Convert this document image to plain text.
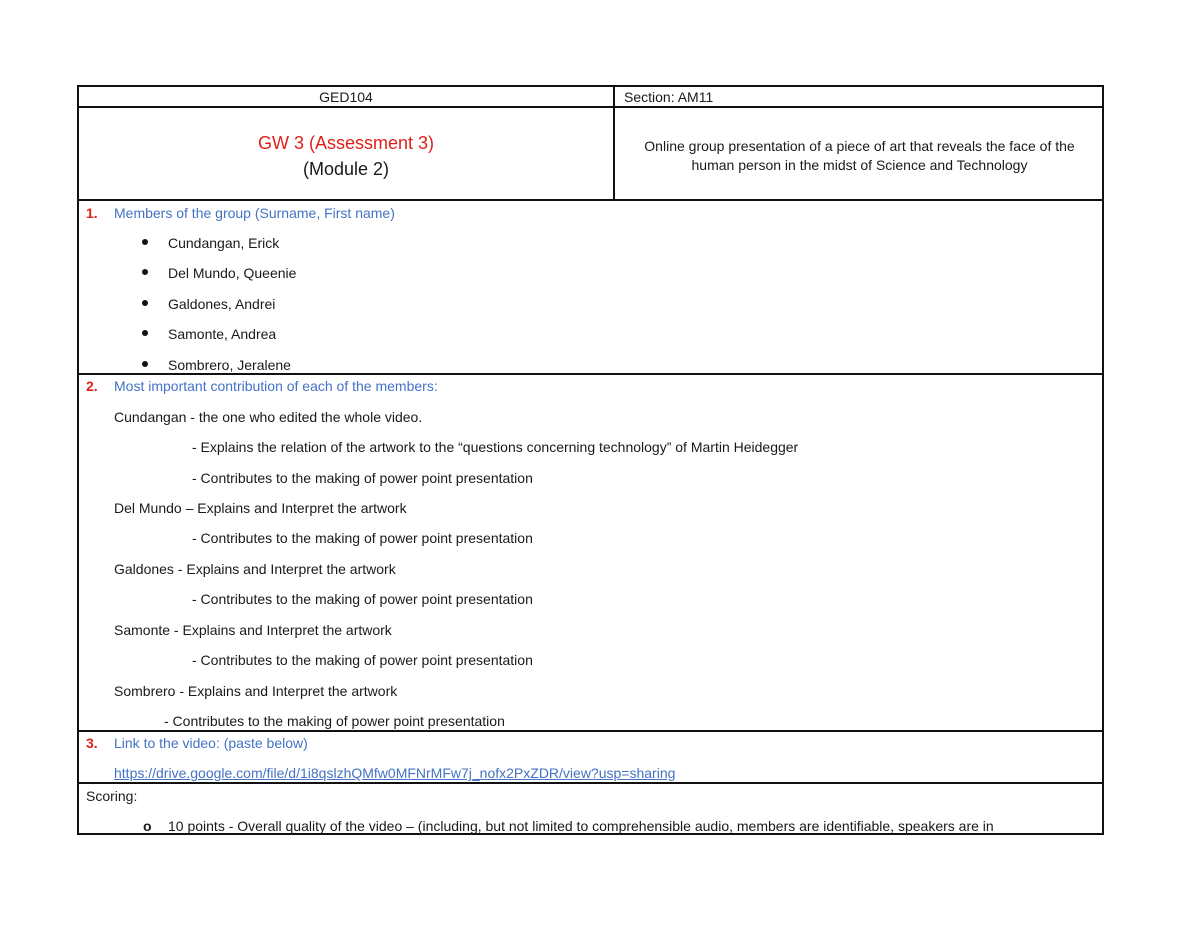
GED104	Section: AM11
GW 3 (Assessment 3)
(Module 2)
Online group presentation of a piece of art that reveals the face of the
human person in the midst of Science and Technology
1. Members of the group (Surname, First name)
Cundangan, Erick
Del Mundo, Queenie
Galdones, Andrei
Samonte, Andrea
Sombrero, Jeralene
2. Most important contribution of each of the members:
Cundangan - the one who edited the whole video.
- Explains the relation of the artwork to the “questions concerning technology” of Martin Heidegger
- Contributes to the making of power point presentation
Del Mundo – Explains and Interpret the artwork
- Contributes to the making of power point presentation
Galdones - Explains and Interpret the artwork
- Contributes to the making of power point presentation
Samonte - Explains and Interpret the artwork
- Contributes to the making of power point presentation
Sombrero - Explains and Interpret the artwork
- Contributes to the making of power point presentation
3. Link to the video: (paste below)
https://drive.google.com/file/d/1i8qslzhQMfw0MFNrMFw7j_nofx2PxZDR/view?usp=sharing
Scoring:
o 10 points - Overall quality of the video – (including, but not limited to comprehensible audio, members are identifiable, speakers are in
